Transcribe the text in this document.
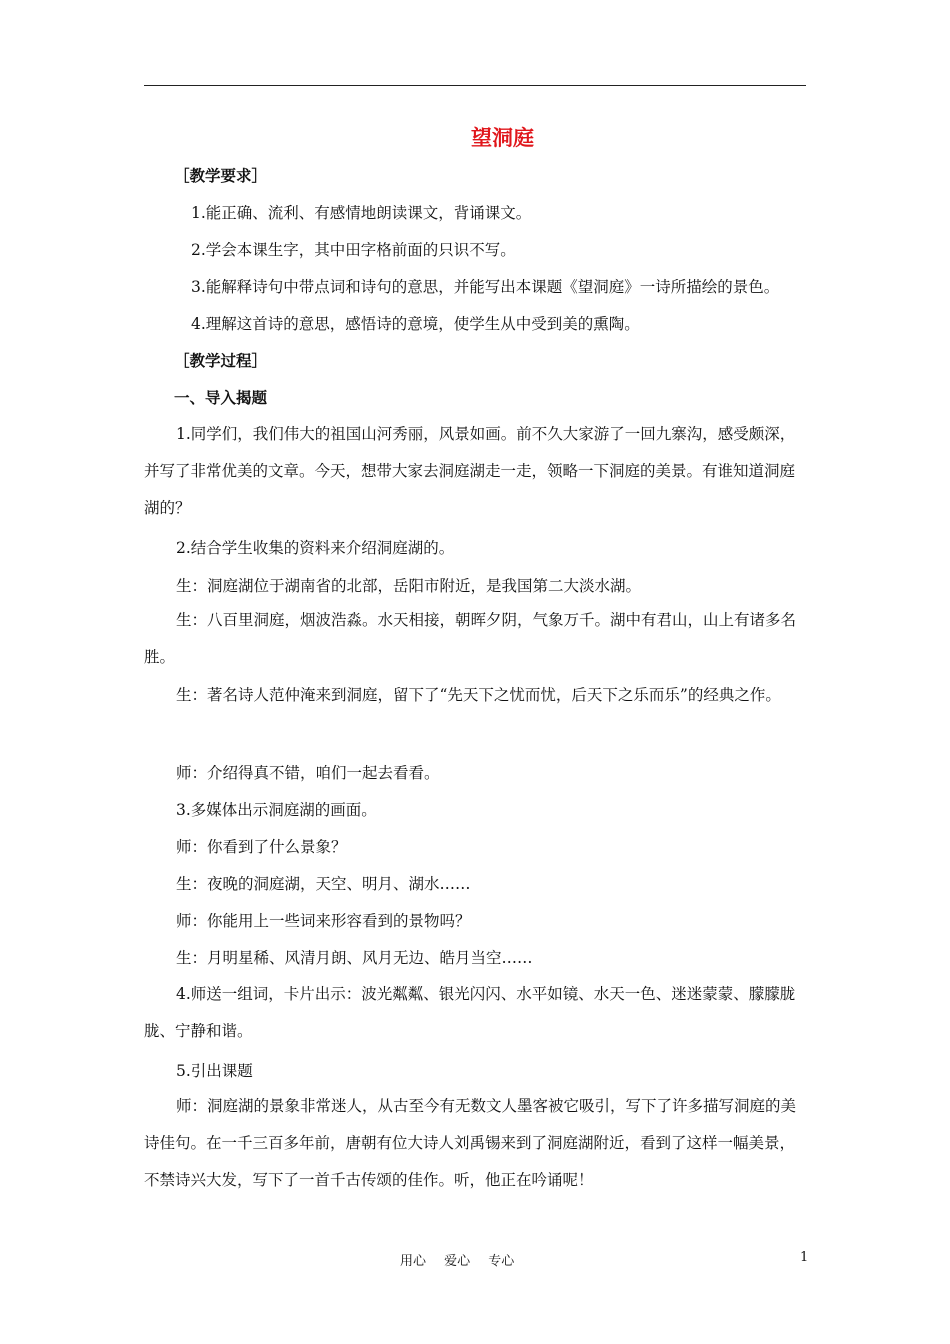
望洞庭
［教学要求］
1.能正确、流利、有感情地朗读课文，背诵课文。
2.学会本课生字，其中田字格前面的只识不写。
3.能解释诗句中带点词和诗句的意思，并能写出本课题《望洞庭》一诗所描绘的景色。
4.理解这首诗的意思，感悟诗的意境，使学生从中受到美的熏陶。
［教学过程］
一、导入揭题
1.同学们，我们伟大的祖国山河秀丽，风景如画。前不久大家游了一回九寨沟，感受颇深，并写了非常优美的文章。今天，想带大家去洞庭湖走一走，领略一下洞庭的美景。有谁知道洞庭湖的？
2.结合学生收集的资料来介绍洞庭湖的。
生：洞庭湖位于湖南省的北部，岳阳市附近，是我国第二大淡水湖。
生：八百里洞庭，烟波浩淼。水天相接，朝晖夕阴，气象万千。湖中有君山，山上有诸多名胜。
生：著名诗人范仲淹来到洞庭，留下了“先天下之忧而忧，后天下之乐而乐”的经典之作。
师：介绍得真不错，咱们一起去看看。
3.多媒体出示洞庭湖的画面。
师：你看到了什么景象？
生：夜晚的洞庭湖，天空、明月、湖水……
师：你能用上一些词来形容看到的景物吗？
生：月明星稀、风清月朗、风月无边、皓月当空……
4.师送一组词，卡片出示：波光粼粼、银光闪闪、水平如镜、水天一色、迷迷蒙蒙、朦朦胧胧、宁静和谐。
5.引出课题
师：洞庭湖的景象非常迷人，从古至今有无数文人墨客被它吸引，写下了许多描写洞庭的美诗佳句。在一千三百多年前，唐朝有位大诗人刘禹锡来到了洞庭湖附近，看到了这样一幅美景，不禁诗兴大发，写下了一首千古传颂的佳作。听，他正在吟诵呢！
用心 爱心 专心	1
